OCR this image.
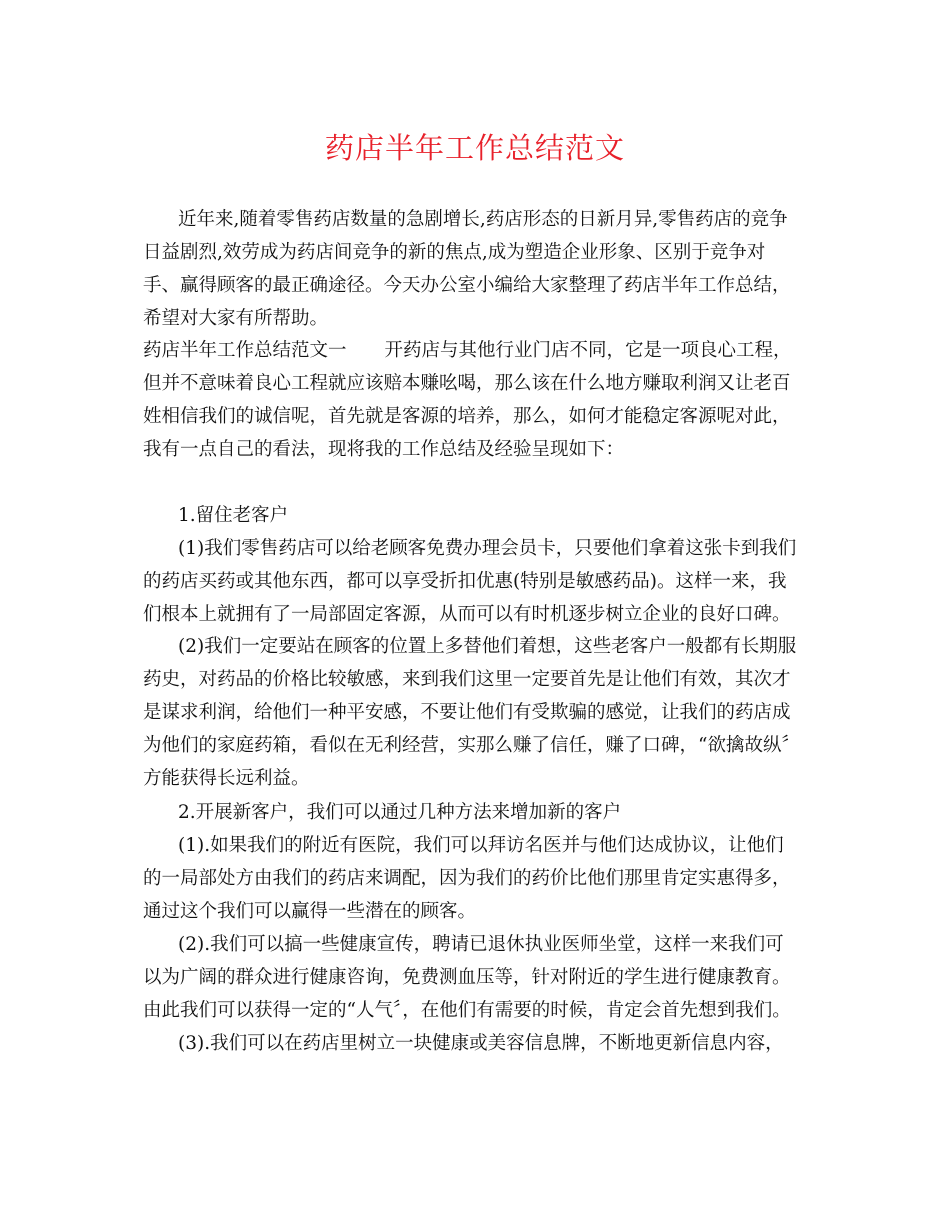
药店半年工作总结范文
近年来,随着零售药店数量的急剧增长,药店形态的日新月异,零售药店的竞争
日益剧烈,效劳成为药店间竞争的新的焦点,成为塑造企业形象、区别于竞争对
手、赢得顾客的最正确途径。今天办公室小编给大家整理了药店半年工作总结，
希望对大家有所帮助。
药店半年工作总结范文一 开药店与其他行业门店不同，它是一项良心工程，
但并不意味着良心工程就应该赔本赚吆喝，那么该在什么地方赚取利润又让老百
姓相信我们的诚信呢，首先就是客源的培养，那么，如何才能稳定客源呢对此，
我有一点自己的看法，现将我的工作总结及经验呈现如下：
1.留住老客户
(1)我们零售药店可以给老顾客免费办理会员卡，只要他们拿着这张卡到我们
的药店买药或其他东西，都可以享受折扣优惠(特别是敏感药品)。这样一来，我
们根本上就拥有了一局部固定客源，从而可以有时机逐步树立企业的良好口碑。
(2)我们一定要站在顾客的位置上多替他们着想，这些老客户一般都有长期服
药史，对药品的价格比较敏感，来到我们这里一定要首先是让他们有效，其次才
是谋求利润，给他们一种平安感，不要让他们有受欺骗的感觉，让我们的药店成
为他们的家庭药箱，看似在无利经营，实那么赚了信任，赚了口碑，“欲擒故纵〞
方能获得长远利益。
2.开展新客户，我们可以通过几种方法来增加新的客户
(1).如果我们的附近有医院，我们可以拜访名医并与他们达成协议，让他们
的一局部处方由我们的药店来调配，因为我们的药价比他们那里肯定实惠得多，
通过这个我们可以赢得一些潜在的顾客。
(2).我们可以搞一些健康宣传，聘请已退休执业医师坐堂，这样一来我们可
以为广阔的群众进行健康咨询，免费测血压等，针对附近的学生进行健康教育。
由此我们可以获得一定的“人气〞，在他们有需要的时候，肯定会首先想到我们。
(3).我们可以在药店里树立一块健康或美容信息牌，不断地更新信息内容，
